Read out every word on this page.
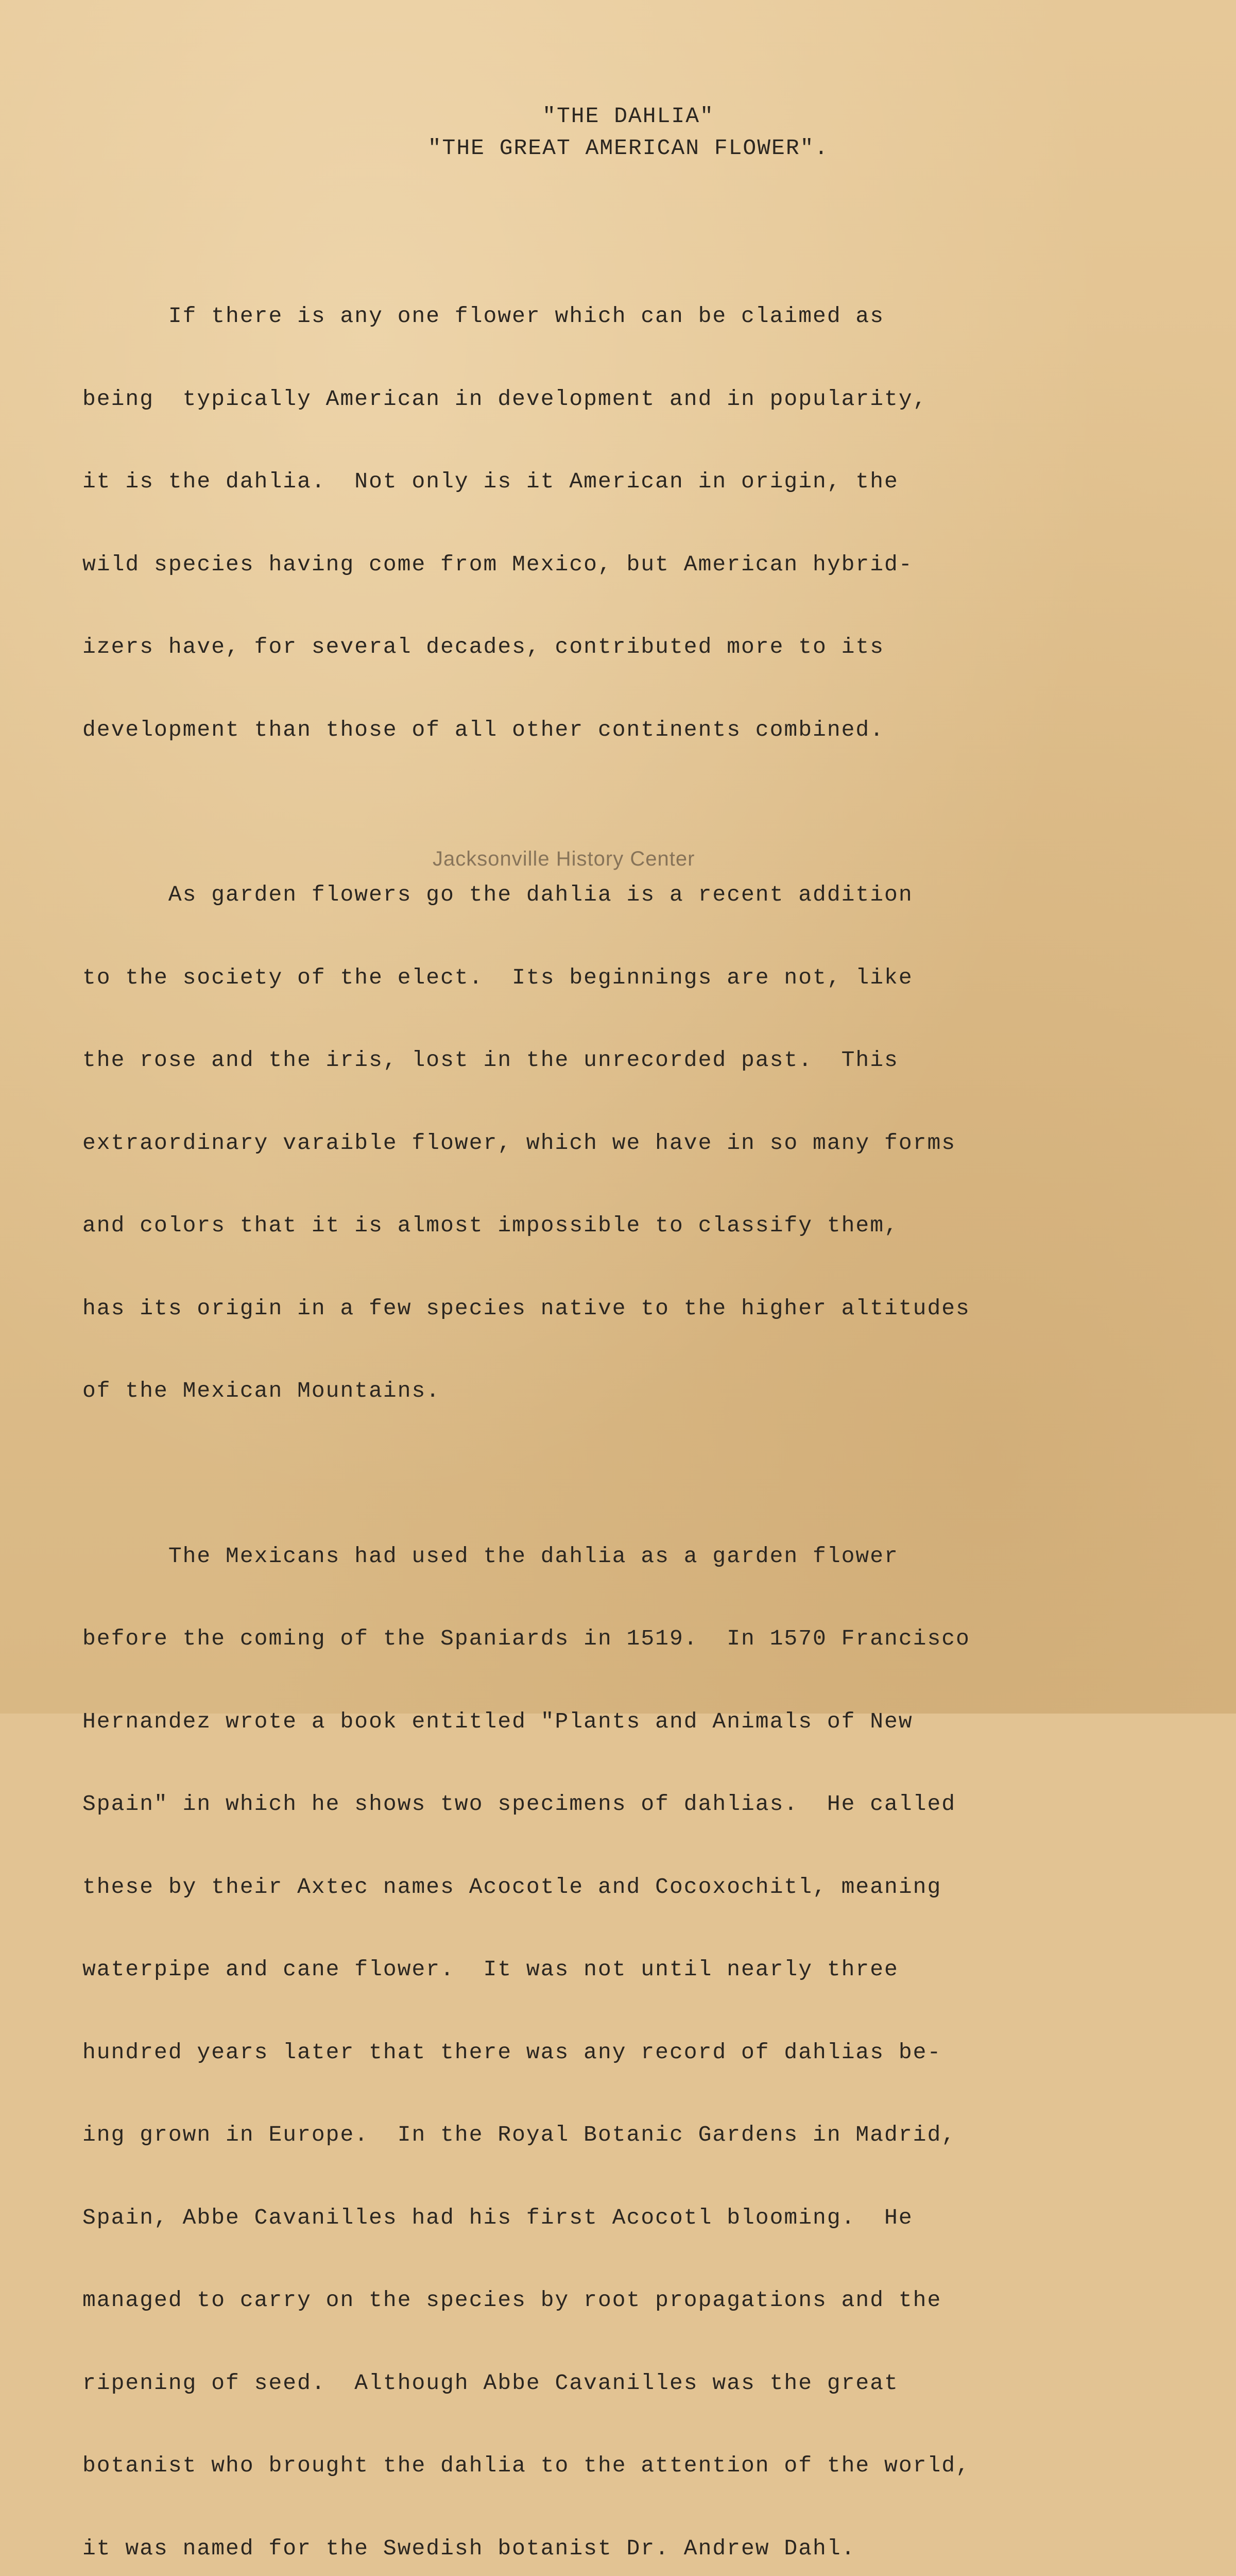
"THE DAHLIA"
"THE GREAT AMERICAN FLOWER".

If there is any one flower which can be claimed as

being  typically American in development and in popularity,

it is the dahlia.  Not only is it American in origin, the

wild species having come from Mexico, but American hybrid-

izers have, for several decades, contributed more to its

development than those of all other continents combined.

As garden flowers go the dahlia is a recent addition

to the society of the elect.  Its beginnings are not, like

the rose and the iris, lost in the unrecorded past.  This

extraordinary varaible flower, which we have in so many forms

and colors that it is almost impossible to classify them,

has its origin in a few species native to the higher altitudes

of the Mexican Mountains.

The Mexicans had used the dahlia as a garden flower

before the coming of the Spaniards in 1519.  In 1570 Francisco

Hernandez wrote a book entitled "Plants and Animals of New

Spain" in which he shows two specimens of dahlias.  He called

these by their Axtec names Acocotle and Cocoxochitl, meaning

waterpipe and cane flower.  It was not until nearly three

hundred years later that there was any record of dahlias be-

ing grown in Europe.  In the Royal Botanic Gardens in Madrid,

Spain, Abbe Cavanilles had his first Acocotl blooming.  He

managed to carry on the species by root propagations and the

ripening of seed.  Although Abbe Cavanilles was the great

botanist who brought the dahlia to the attention of the world,

it was named for the Swedish botanist Dr. Andrew Dahl.

Jacksonville History Center
